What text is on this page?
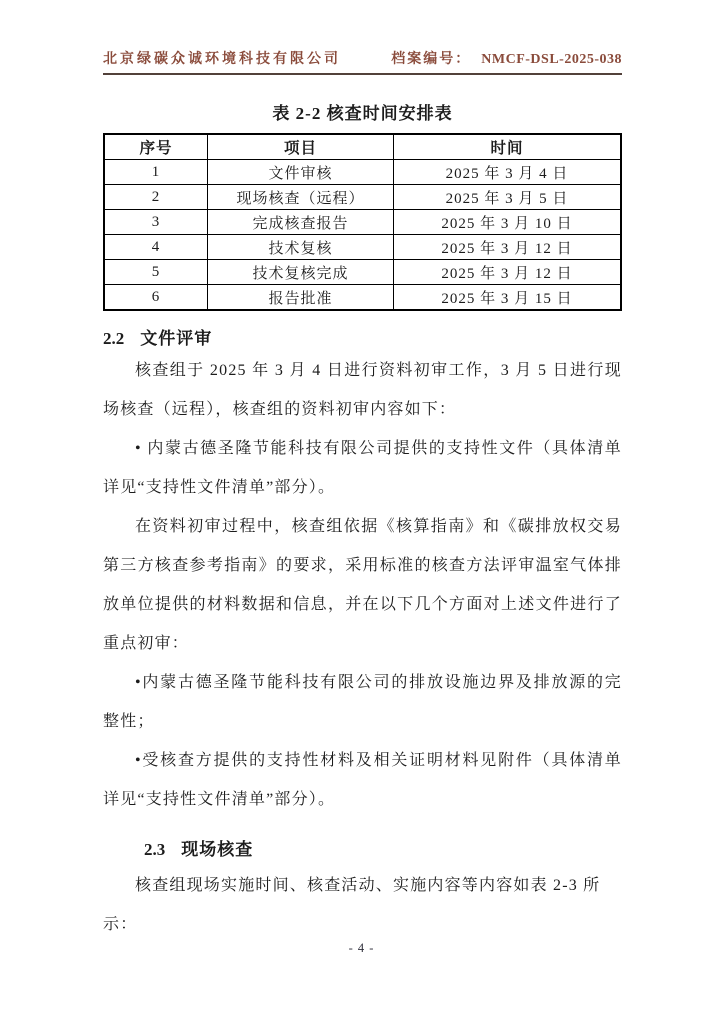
北京绿碳众诚环境科技有限公司	档案编号： NMCF-DSL-2025-038
表 2-2 核查时间安排表
序号	项目	时间
1	文件审核	2025 年 3 月 4 日
2	现场核查（远程）	2025 年 3 月 5 日
3	完成核查报告	2025 年 3 月 10 日
4	技术复核	2025 年 3 月 12 日
5	技术复核完成	2025 年 3 月 12 日
6	报告批准	2025 年 3 月 15 日
2.2 文件评审

核查组于 2025 年 3 月 4 日进行资料初审工作，3 月 5 日进行现场核查（远程），核查组的资料初审内容如下：

• 内蒙古德圣隆节能科技有限公司提供的支持性文件（具体清单详见“支持性文件清单”部分）。

在资料初审过程中，核查组依据《核算指南》和《碳排放权交易第三方核查参考指南》的要求，采用标准的核查方法评审温室气体排放单位提供的材料数据和信息，并在以下几个方面对上述文件进行了重点初审：

•内蒙古德圣隆节能科技有限公司的排放设施边界及排放源的完整性；

•受核查方提供的支持性材料及相关证明材料见附件（具体清单详见“支持性文件清单”部分）。

2.3 现场核查

核查组现场实施时间、核查活动、实施内容等内容如表 2-3 所示：

- 4 -
